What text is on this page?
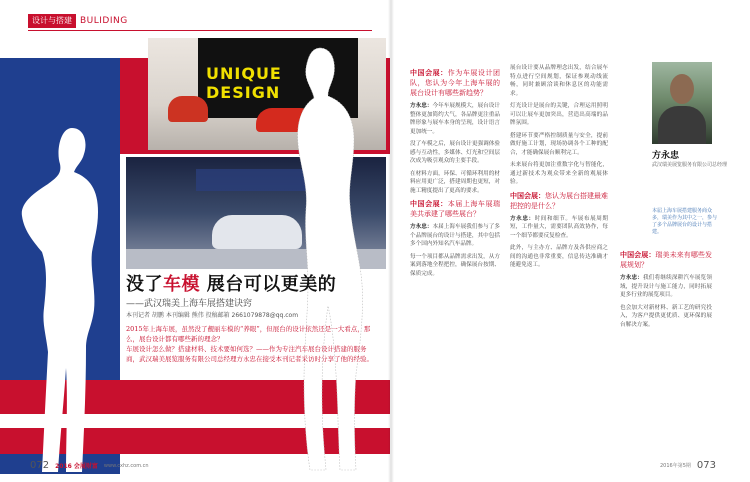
设计与搭建 BULIDING
UNIQUE
DESIGN
没了车模 展台可以更美的
——武汉瑞美上海车展搭建诀窍
本刊记者 胡鹏 本刊编辑 熊伟 投稿邮箱 2661079878@qq.com
2015年上海车展，虽然没了靓丽车模的“养眼”，但展台的设计依然还是一大看点，那么，展台设计都有哪些新的理念？
车展设计怎么做？搭建材料、技术要如何选？——作为专注汽车展台设计搭建的服务商，武汉瑞美展览服务有限公司总经理方永忠在接受本刊记者采访时分享了他的经验。
072 2016 会展财富 www.cxhz.com.cn	2016年第5期 073
中国会展：作为车展设计团队，您认为今年上海车展的展台设计有哪些新趋势？
方永忠：今年车展规模大，展台设计整体更加简约大气，各品牌更注重品牌形象与展车本身的呈现，设计语言更加统一。
没了车模之后，展台设计更强调体验感与互动性，多媒体、灯光和空间层次成为吸引观众的主要手段。
在材料方面，环保、可循环利用的材料应用更广泛，搭建周期也更短，对施工精度提出了更高的要求。
中国会展：本届上海车展瑞美共承建了哪些展台？
方永忠：本届上海车展我们参与了多个品牌展台的设计与搭建，其中包括多个国内外知名汽车品牌。
每一个项目都从品牌需求出发，从方案到落地全程把控，确保展台按期、保质完成。
展台设计要从品牌理念出发，结合展车特点进行空间规划，保证参观动线流畅，同时兼顾洽谈和休息区的功能需求。
灯光设计是展台的关键，合理运用照明可以让展车更加突出，营造出高端的品牌氛围。
搭建环节要严格控制质量与安全，提前做好施工计划，现场协调各个工种的配合，才能确保展台顺利完工。
未来展台将更加注重数字化与智能化，通过新技术为观众带来全新的观展体验。
中国会展：您认为展台搭建最难把控的是什么？
方永忠：时间和细节。车展布展周期短，工作量大，需要团队高效协作，每一个细节都要反复检查。
此外，与主办方、品牌方及各供应商之间的沟通也非常重要，信息传达准确才能避免返工。
中国会展：瑞美未来有哪些发展规划？
方永忠：我们将继续深耕汽车展览领域，提升设计与施工能力，同时拓展更多行业的展览项目。
也会加大对新材料、新工艺的研究投入，为客户提供更优质、更环保的展台解决方案。
方永忠
武汉瑞美展览服务有限公司总经理
本届上海车展搭建服务商众多，瑞美作为其中之一，参与了多个品牌展台的设计与搭建。
